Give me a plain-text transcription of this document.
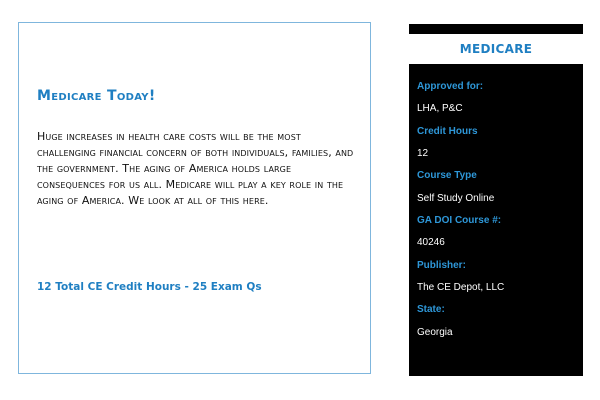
Medicare Today!

Huge increases in health care costs will be the most challenging financial concern of both individuals, families, and the government. The aging of America holds large consequences for us all. Medicare will play a key role in the aging of America. We look at all of this here.

12 Total CE Credit Hours - 25 Exam Qs

MEDICARE
Approved for:
LHA, P&C
Credit Hours
12
Course Type
Self Study Online
GA DOI Course #:
40246
Publisher:
The CE Depot, LLC
State:
Georgia
